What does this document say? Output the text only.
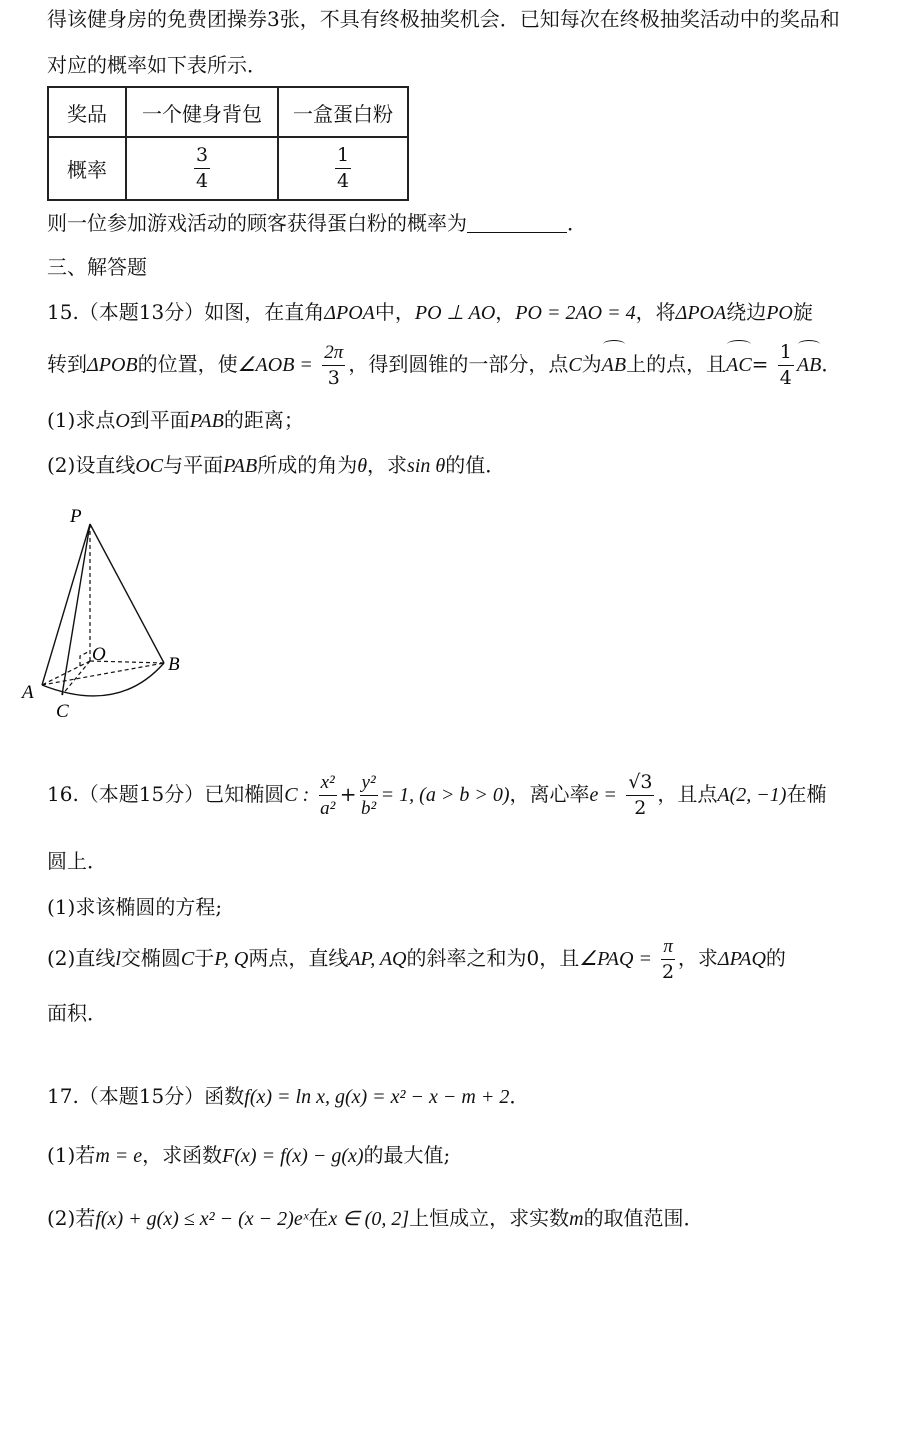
得该健身房的免费团操券3张，不具有终极抽奖机会．已知每次在终极抽奖活动中的奖品和
对应的概率如下表所示．
奖品	一个健身背包	一盒蛋白粉
概率	$\frac{3}{4}$	$\frac{1}{4}$
则一位参加游戏活动的顾客获得蛋白粉的概率为	．
三、解答题
15.（本题13分）如图，在直角ΔPOA中，PO ⊥ AO，PO = 2AO = 4，将ΔPOA绕边PO旋
转到ΔPOB的位置，使∠AOB = $\frac{2\pi}{3}$ ，得到圆锥的一部分，点C为AB上的点，且$AC= \frac{1}{4}$ AB．
(1)求点O到平面PAB的距离；
(2)设直线OC与平面PAB所成的角为θ，求sin θ的值．
P
O	B
A
C
16.（本题15分）已知椭圆C : $\frac{\text{x²}}{\text{a²}} + \frac{\text{y²}}{\text{b²}} = 1$, (a > b > 0)，离心率$e = \frac{√3}{2}$ ，且点A(2, −1)在椭
圆上．
(1)求该椭圆的方程;
(2)直线l交椭圆C于P, Q两点，直线AP, AQ的斜率之和为0，且∠PAQ = $\frac{\pi}{2}$ ，求ΔPAQ的
面积．
17.（本题15分）函数f(x) = ln x, g(x) = x² − x − m + 2．
(1)若m = e，求函数F(x) = f(x) − g(x)的最大值;
(2)若f(x) + g(x) ≤ x² − (x − 2)eˣ在x ∈ (0, 2]上恒成立，求实数m的取值范围．
